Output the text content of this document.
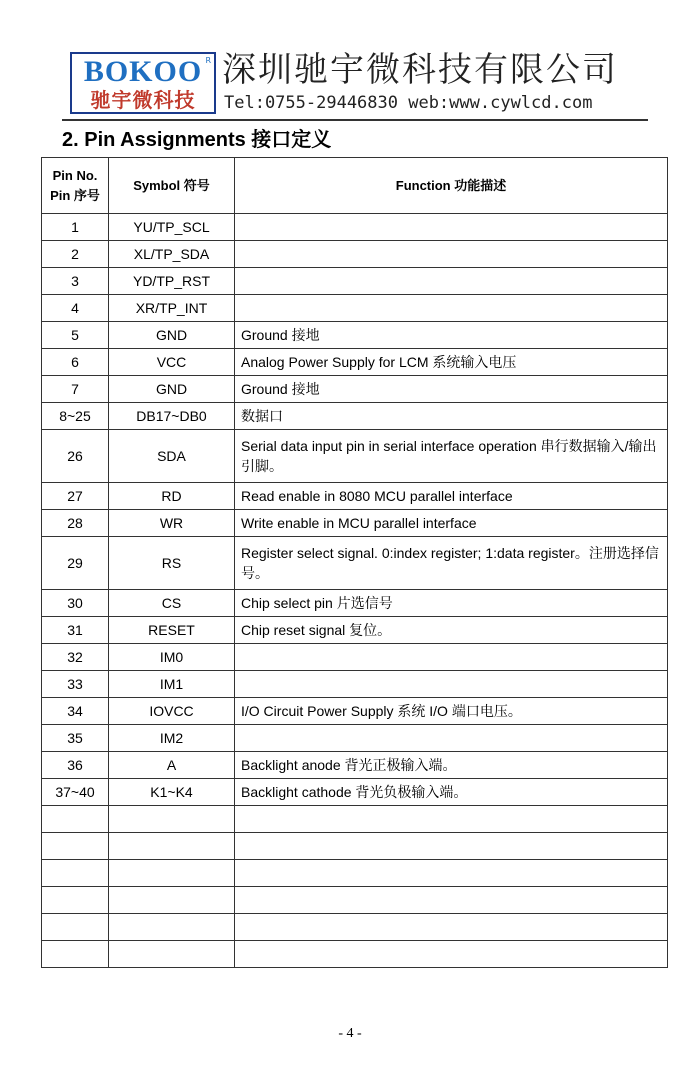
BOKOO R
驰宇微科技
深圳驰宇微科技有限公司
Tel:0755-29446830 web:www.cywlcd.com
2. Pin Assignments 接口定义
Pin No.
Pin 序号	Symbol 符号	Function 功能描述
1	YU/TP_SCL	
2	XL/TP_SDA	
3	YD/TP_RST	
4	XR/TP_INT	
5	GND	Ground 接地
6	VCC	Analog Power Supply for LCM 系统输入电压
7	GND	Ground 接地
8~25	DB17~DB0	数据口
26	SDA	Serial data input pin in serial interface operation 串行数据输入/输出引脚。
27	RD	Read enable in 8080 MCU parallel interface
28	WR	Write enable in MCU parallel interface
29	RS	Register select signal. 0:index register; 1:data register。注册选择信号。
30	CS	Chip select pin 片选信号
31	RESET	Chip reset signal 复位。
32	IM0	
33	IM1	
34	IOVCC	I/O Circuit Power Supply 系统 I/O 端口电压。
35	IM2	
36	A	Backlight anode 背光正极输入端。
37~40	K1~K4	Backlight cathode 背光负极输入端。

- 4 -
